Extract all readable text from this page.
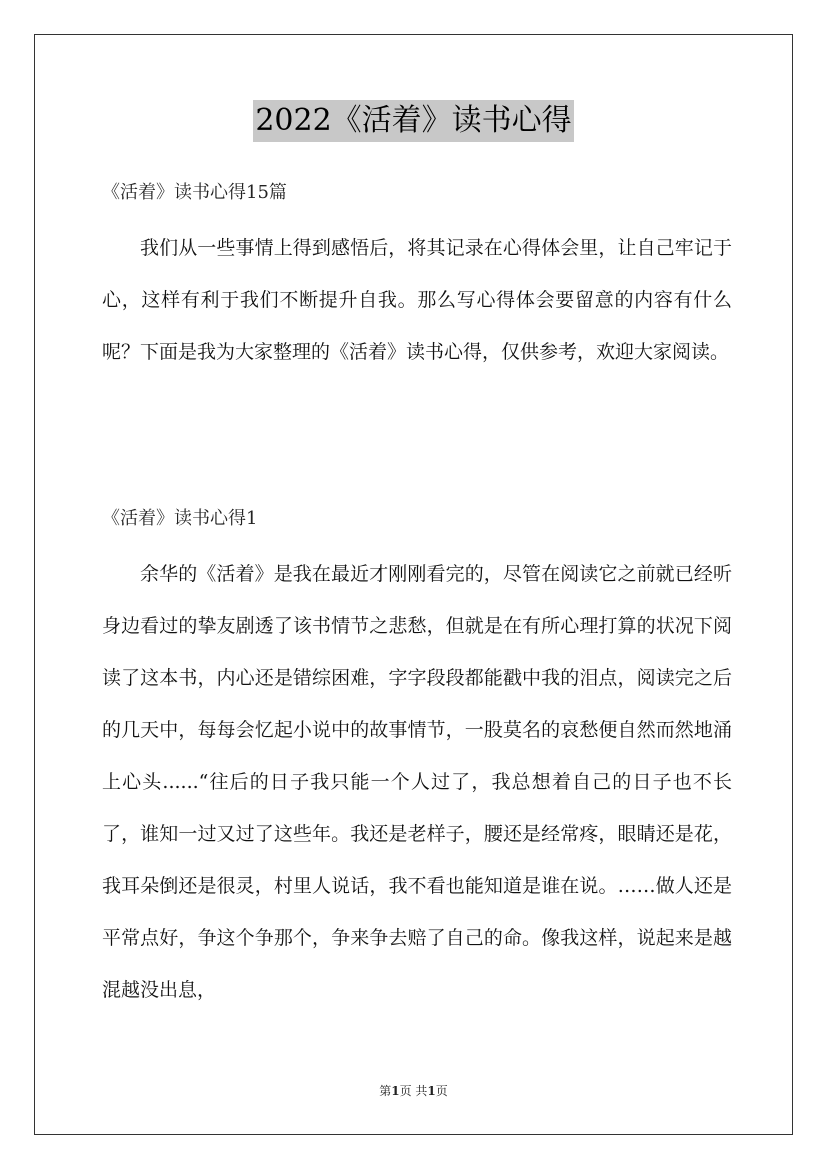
2022《活着》读书心得
《活着》读书心得15篇

我们从一些事情上得到感悟后，将其记录在心得体会里，让自己牢记于心，这样有利于我们不断提升自我。那么写心得体会要留意的内容有什么呢？下面是我为大家整理的《活着》读书心得，仅供参考，欢迎大家阅读。

《活着》读书心得1

余华的《活着》是我在最近才刚刚看完的，尽管在阅读它之前就已经听身边看过的挚友剧透了该书情节之悲愁，但就是在有所心理打算的状况下阅读了这本书，内心还是错综困难，字字段段都能戳中我的泪点，阅读完之后的几天中，每每会忆起小说中的故事情节，一股莫名的哀愁便自然而然地涌上心头......“往后的日子我只能一个人过了，我总想着自己的日子也不长了，谁知一过又过了这些年。我还是老样子，腰还是经常疼，眼睛还是花，我耳朵倒还是很灵，村里人说话，我不看也能知道是谁在说。……做人还是平常点好，争这个争那个，争来争去赔了自己的命。像我这样，说起来是越混越没出息，

第1页 共1页
